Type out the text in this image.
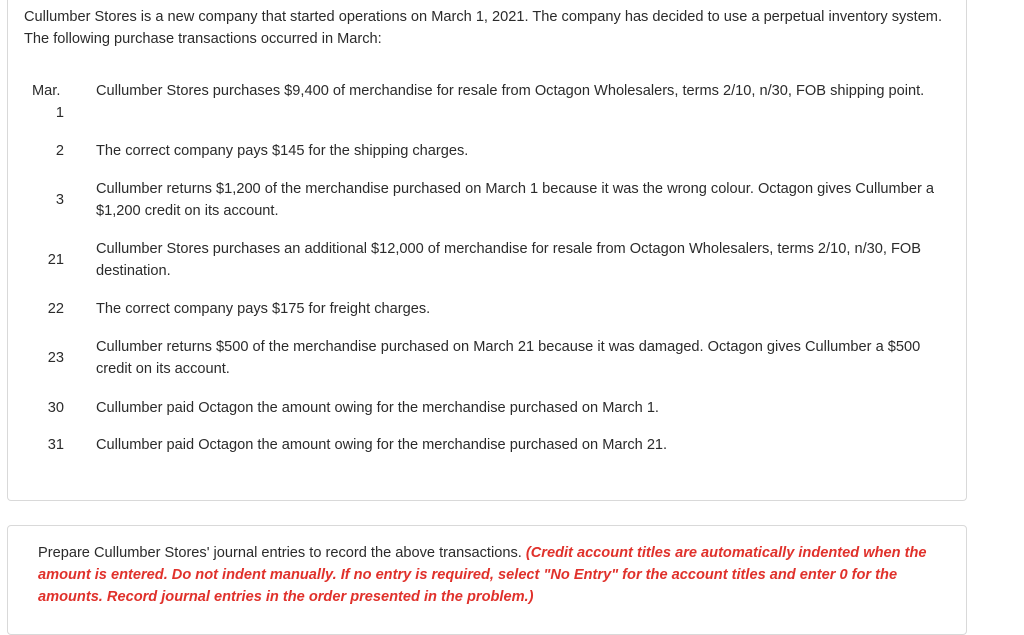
Cullumber Stores is a new company that started operations on March 1, 2021. The company has decided to use a perpetual inventory system. The following purchase transactions occurred in March:

Mar.
1
Cullumber Stores purchases $9,400 of merchandise for resale from Octagon Wholesalers, terms 2/10, n/30, FOB shipping point.
2 The correct company pays $145 for the shipping charges.
3
Cullumber returns $1,200 of the merchandise purchased on March 1 because it was the wrong colour. Octagon gives Cullumber a $1,200 credit on its account.
21
Cullumber Stores purchases an additional $12,000 of merchandise for resale from Octagon Wholesalers, terms 2/10, n/30, FOB destination.
22 The correct company pays $175 for freight charges.
23
Cullumber returns $500 of the merchandise purchased on March 21 because it was damaged. Octagon gives Cullumber a $500 credit on its account.
30 Cullumber paid Octagon the amount owing for the merchandise purchased on March 1.
31 Cullumber paid Octagon the amount owing for the merchandise purchased on March 21.

Prepare Cullumber Stores' journal entries to record the above transactions. (Credit account titles are automatically indented when the amount is entered. Do not indent manually. If no entry is required, select "No Entry" for the account titles and enter 0 for the amounts. Record journal entries in the order presented in the problem.)
